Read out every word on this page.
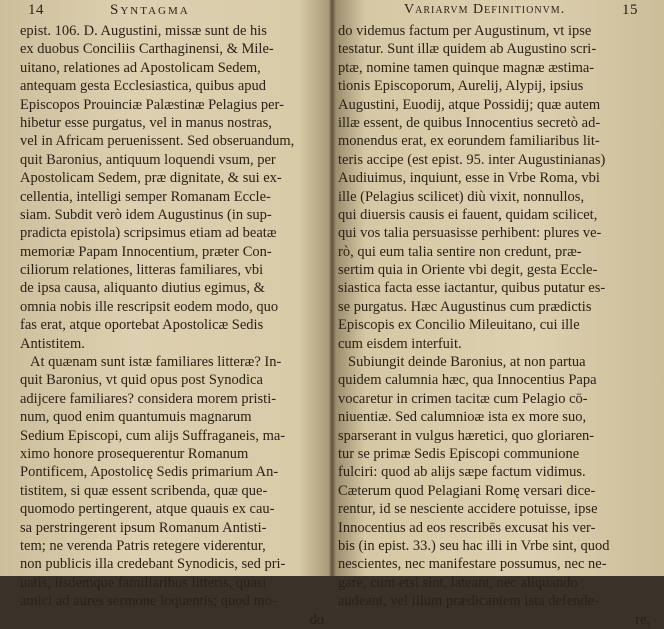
14	Syntagma
epist. 106. D. Augustini, missæ sunt de his
ex duobus Conciliis Carthaginensi, & Mile-
uitano, relationes ad Apostolicam Sedem,
antequam gesta Ecclesiastica, quibus apud
Episcopos Prouinciæ Palæstinæ Pelagius per-
hibetur esse purgatus, vel in manus nostras,
vel in Africam peruenissent. Sed obseruandum,
quit Baronius, antiquum loquendi vsum, per
Apostolicam Sedem, præ dignitate, & sui ex-
cellentia, intelligi semper Romanam Eccle-
siam. Subdit verò idem Augustinus (in sup-
pradicta epistola) scripsimus etiam ad beatæ
memoriæ Papam Innocentium, præter Con-
ciliorum relationes, litteras familiares, vbi
de ipsa causa, aliquanto diutius egimus, &
omnia nobis ille rescripsit eodem modo, quo
fas erat, atque oportebat Apostolicæ Sedis
Antistitem.
At quænam sunt istæ familiares litteræ? In-
quit Baronius, vt quid opus post Synodica
adijcere familiares? considera morem pristi-
num, quod enim quantumuis magnarum
Sedium Episcopi, cum alijs Suffraganeis, ma-
ximo honore prosequerentur Romanum
Pontificem, Apostolicę Sedis primarium An-
tistitem, si quæ essent scribenda, quæ que-
quomodo pertingerent, atque quauis ex cau-
sa perstringerent ipsum Romanum Antisti-
tem; ne verenda Patris retegere viderentur,
non publicis illa credebant Synodicis, sed pri-
uatis, iisdemque familiaribus litteris, quasi
amici ad aures sermone loquentis; quod mo-
do
Variarvm Definitionvm.	15
do videmus factum per Augustinum, vt ipse
testatur. Sunt illæ quidem ab Augustino scri-
ptæ, nomine tamen quinque magnæ æstima-
tionis Episcoporum, Aurelij, Alypij, ipsius
Augustini, Euodij, atque Possidij; quæ autem
illæ essent, de quibus Innocentius secretò ad-
monendus erat, ex eorundem familiaribus lit-
teris accipe (est epist. 95. inter Augustinianas)
Audiuimus, inquiunt, esse in Vrbe Roma, vbi
ille (Pelagius scilicet) diù vixit, nonnullos,
qui diuersis causis ei fauent, quidam scilicet,
qui vos talia persuasisse perhibent: plures ve-
rò, qui eum talia sentire non credunt, præ-
sertim quia in Oriente vbi degit, gesta Eccle-
siastica facta esse iactantur, quibus putatur es-
se purgatus. Hæc Augustinus cum prædictis
Episcopis ex Concilio Mileuitano, cui ille
cum eisdem interfuit.
Subiungit deinde Baronius, at non partua
quidem calumnia hæc, qua Innocentius Papa
vocaretur in crimen tacitæ cum Pelagio cō-
niuentiæ. Sed calumnioæ ista ex more suo,
sparserant in vulgus hæretici, quo gloriaren-
tur se primæ Sedis Episcopi communione
fulciri: quod ab alijs sæpe factum vidimus.
Cæterum quod Pelagiani Romę versari dice-
rentur, id se nesciente accidere potuisse, ipse
Innocentius ad eos rescribēs excusat his ver-
bis (in epist. 33.) seu hac illi in Vrbe sint, quod
nescientes, nec manifestare possumus, nec ne-
gare, cum etsi sint, lateant, nec aliquando
audeant, vel illum prædicantem ista defende-
re,
